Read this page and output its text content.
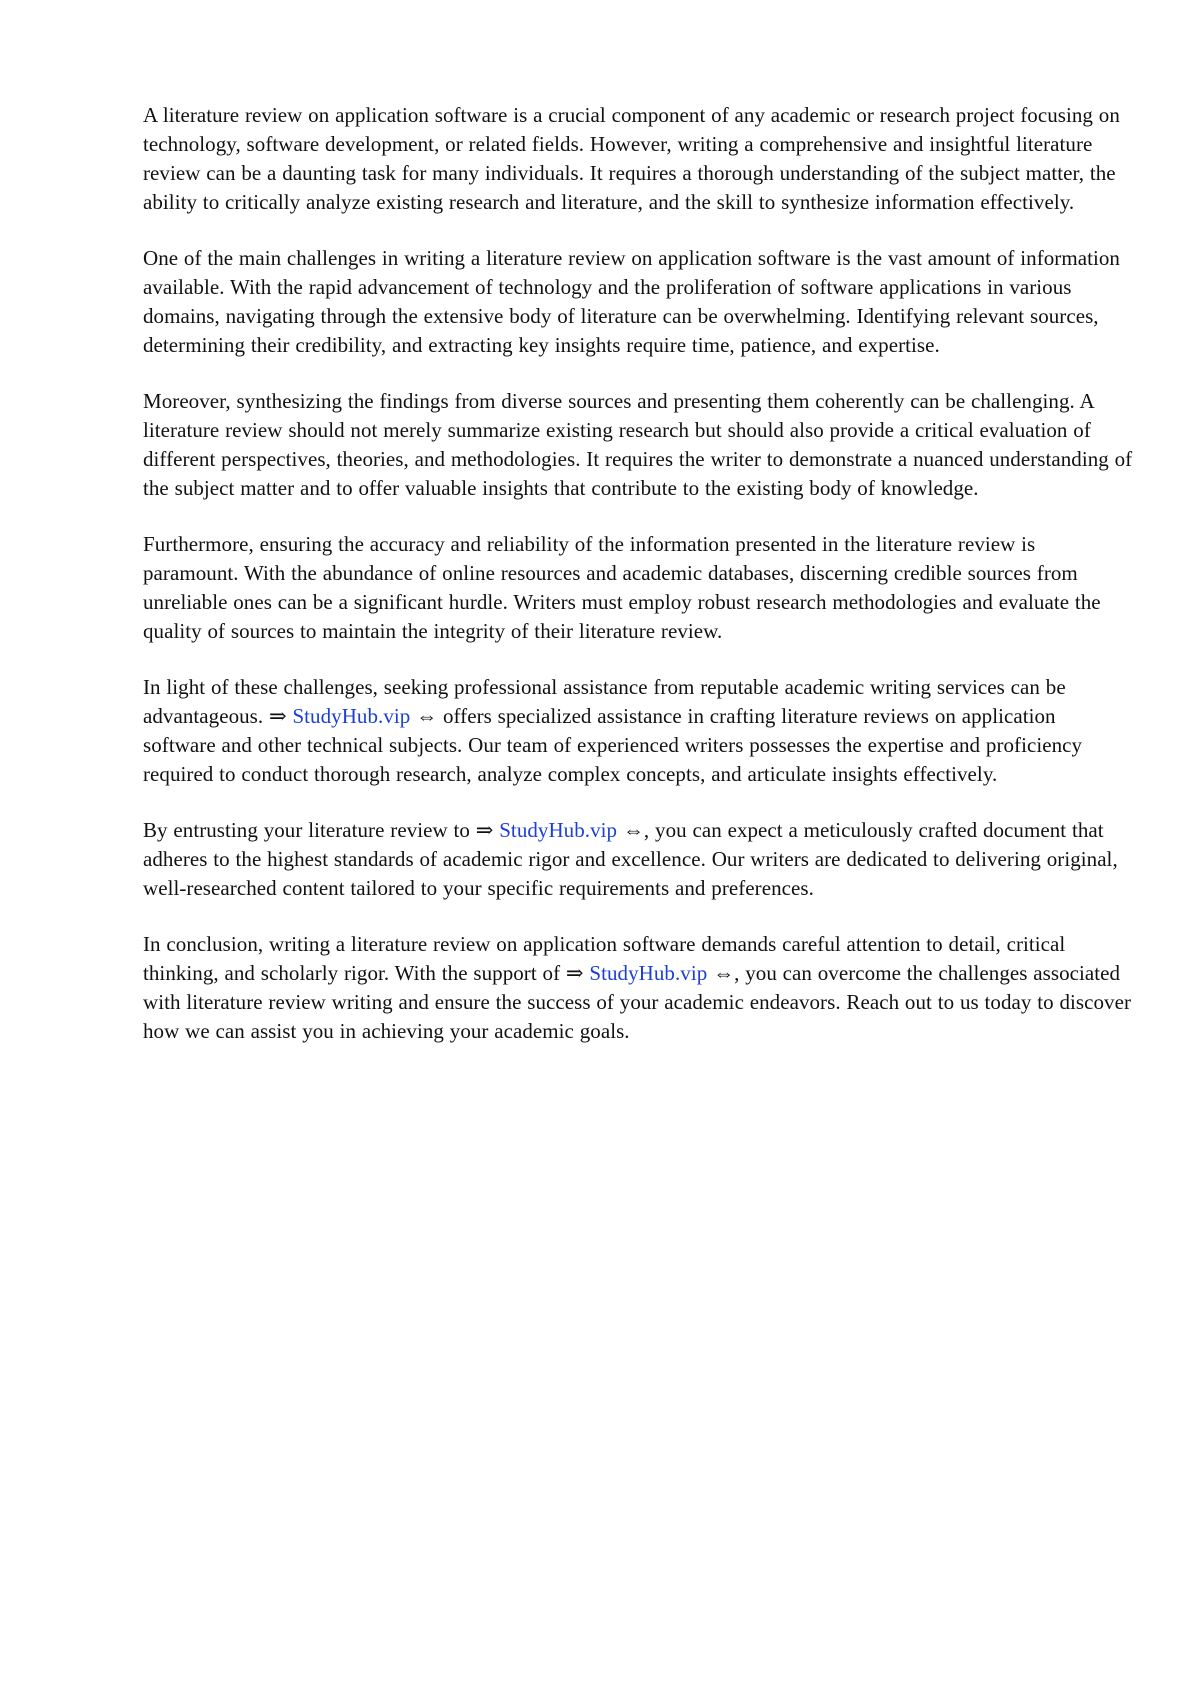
A literature review on application software is a crucial component of any academic or research project focusing on technology, software development, or related fields. However, writing a comprehensive and insightful literature review can be a daunting task for many individuals. It requires a thorough understanding of the subject matter, the ability to critically analyze existing research and literature, and the skill to synthesize information effectively.

One of the main challenges in writing a literature review on application software is the vast amount of information available. With the rapid advancement of technology and the proliferation of software applications in various domains, navigating through the extensive body of literature can be overwhelming. Identifying relevant sources, determining their credibility, and extracting key insights require time, patience, and expertise.

Moreover, synthesizing the findings from diverse sources and presenting them coherently can be challenging. A literature review should not merely summarize existing research but should also provide a critical evaluation of different perspectives, theories, and methodologies. It requires the writer to demonstrate a nuanced understanding of the subject matter and to offer valuable insights that contribute to the existing body of knowledge.

Furthermore, ensuring the accuracy and reliability of the information presented in the literature review is paramount. With the abundance of online resources and academic databases, discerning credible sources from unreliable ones can be a significant hurdle. Writers must employ robust research methodologies and evaluate the quality of sources to maintain the integrity of their literature review.

In light of these challenges, seeking professional assistance from reputable academic writing services can be advantageous. ⇒ StudyHub.vip ⇔ offers specialized assistance in crafting literature reviews on application software and other technical subjects. Our team of experienced writers possesses the expertise and proficiency required to conduct thorough research, analyze complex concepts, and articulate insights effectively.

By entrusting your literature review to ⇒ StudyHub.vip ⇔, you can expect a meticulously crafted document that adheres to the highest standards of academic rigor and excellence. Our writers are dedicated to delivering original, well-researched content tailored to your specific requirements and preferences.

In conclusion, writing a literature review on application software demands careful attention to detail, critical thinking, and scholarly rigor. With the support of ⇒ StudyHub.vip ⇔, you can overcome the challenges associated with literature review writing and ensure the success of your academic endeavors. Reach out to us today to discover how we can assist you in achieving your academic goals.
